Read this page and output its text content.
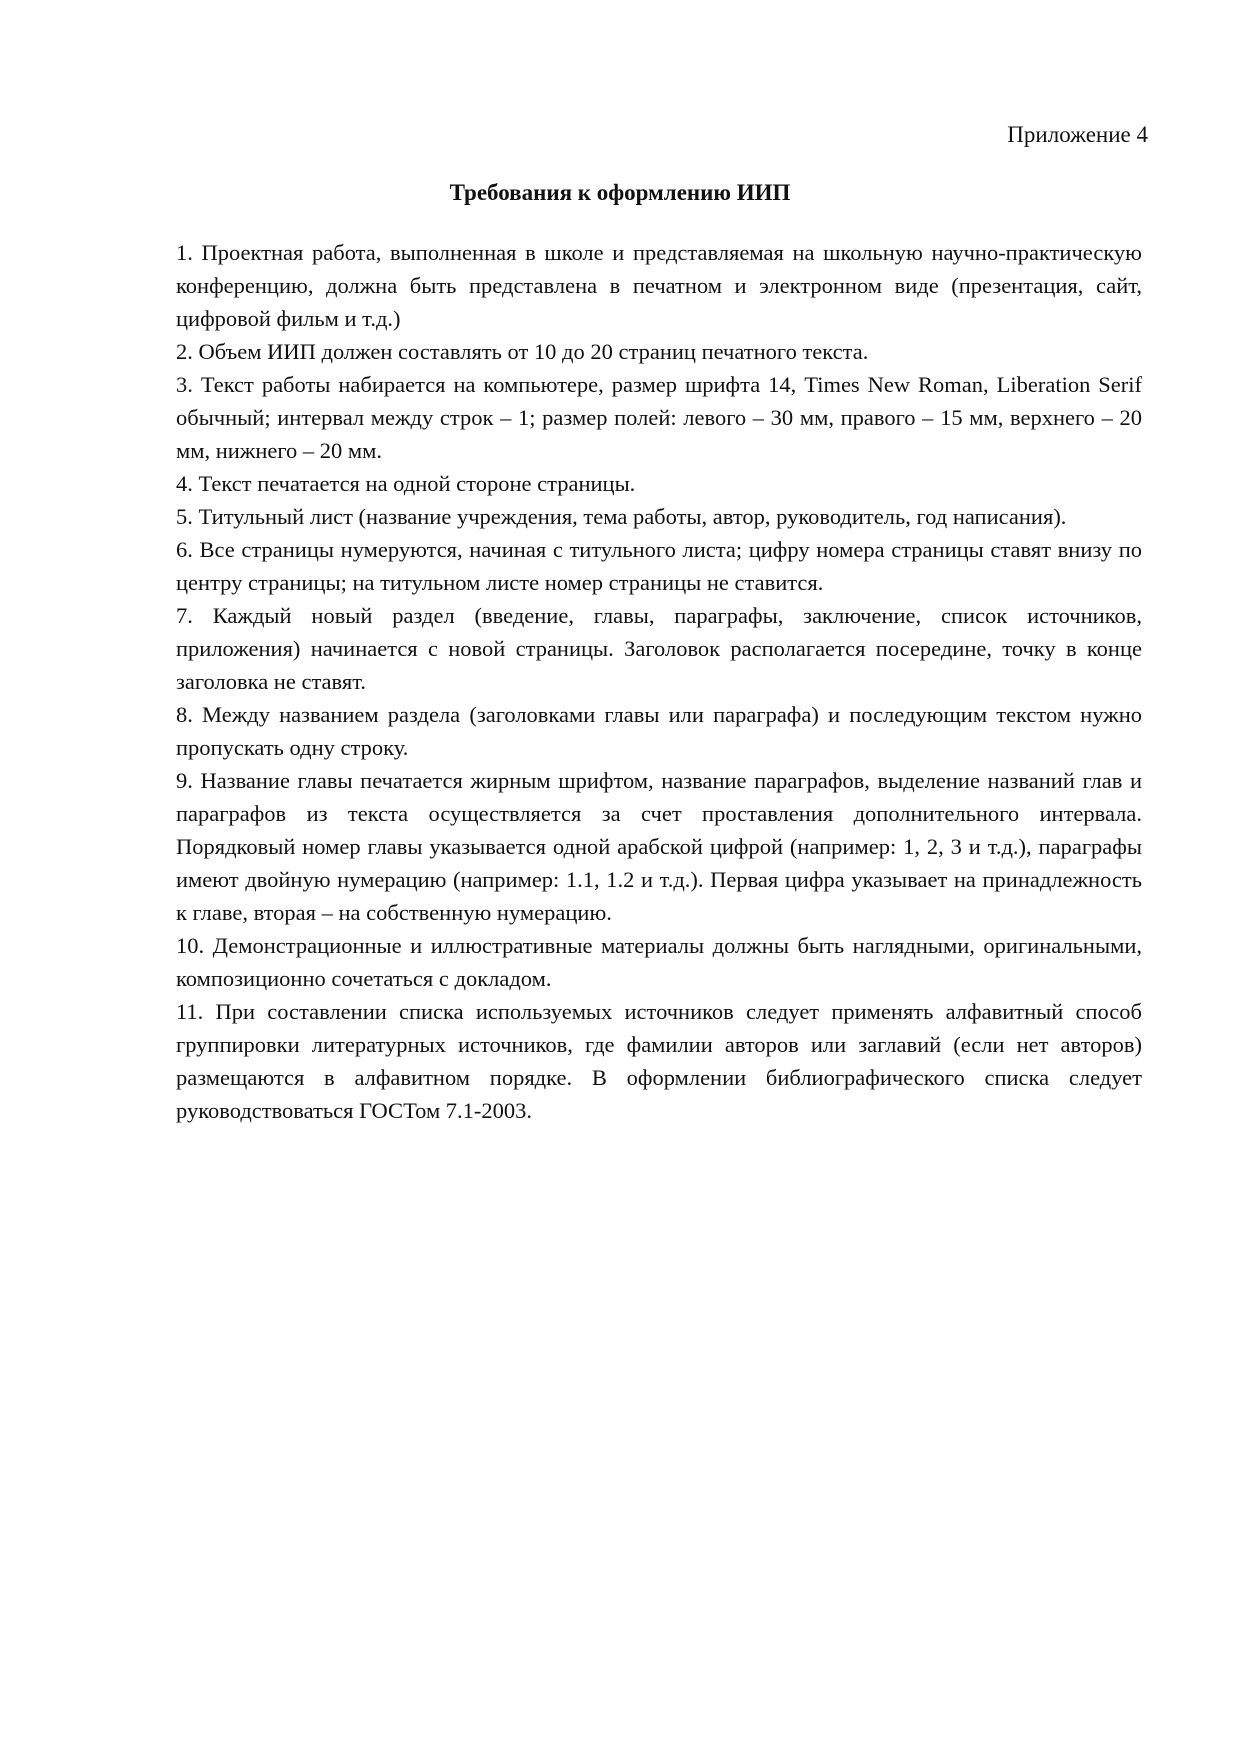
Приложение 4
Требования к оформлению ИИП

1. Проектная работа, выполненная в школе и представляемая на школьную научно-практическую конференцию, должна быть представлена в печатном и электронном виде (презентация, сайт, цифровой фильм и т.д.)

2. Объем ИИП должен составлять от 10 до 20 страниц печатного текста.

3. Текст работы набирается на компьютере, размер шрифта 14, Times New Roman, Liberation Serif обычный; интервал между строк – 1; размер полей: левого – 30 мм, правого – 15 мм, верхнего – 20 мм, нижнего – 20 мм.

4. Текст печатается на одной стороне страницы.

5. Титульный лист (название учреждения, тема работы, автор, руководитель, год написания).

6. Все страницы нумеруются, начиная с титульного листа; цифру номера страницы ставят внизу по центру страницы; на титульном листе номер страницы не ставится.

7. Каждый новый раздел (введение, главы, параграфы, заключение, список источников, приложения) начинается с новой страницы. Заголовок располагается посередине, точку в конце заголовка не ставят.

8. Между названием раздела (заголовками главы или параграфа) и последующим текстом нужно пропускать одну строку.

9. Название главы печатается жирным шрифтом, название параграфов, выделение названий глав и параграфов из текста осуществляется за счет проставления дополнительного интервала. Порядковый номер главы указывается одной арабской цифрой (например: 1, 2, 3 и т.д.), параграфы имеют двойную нумерацию (например: 1.1, 1.2 и т.д.). Первая цифра указывает на принадлежность к главе, вторая – на собственную нумерацию.

10. Демонстрационные и иллюстративные материалы должны быть наглядными, оригинальными, композиционно сочетаться с докладом.

11. При составлении списка используемых источников следует применять алфавитный способ группировки литературных источников, где фамилии авторов или заглавий (если нет авторов) размещаются в алфавитном порядке. В оформлении библиографического списка следует руководствоваться ГОСТом 7.1-2003.
